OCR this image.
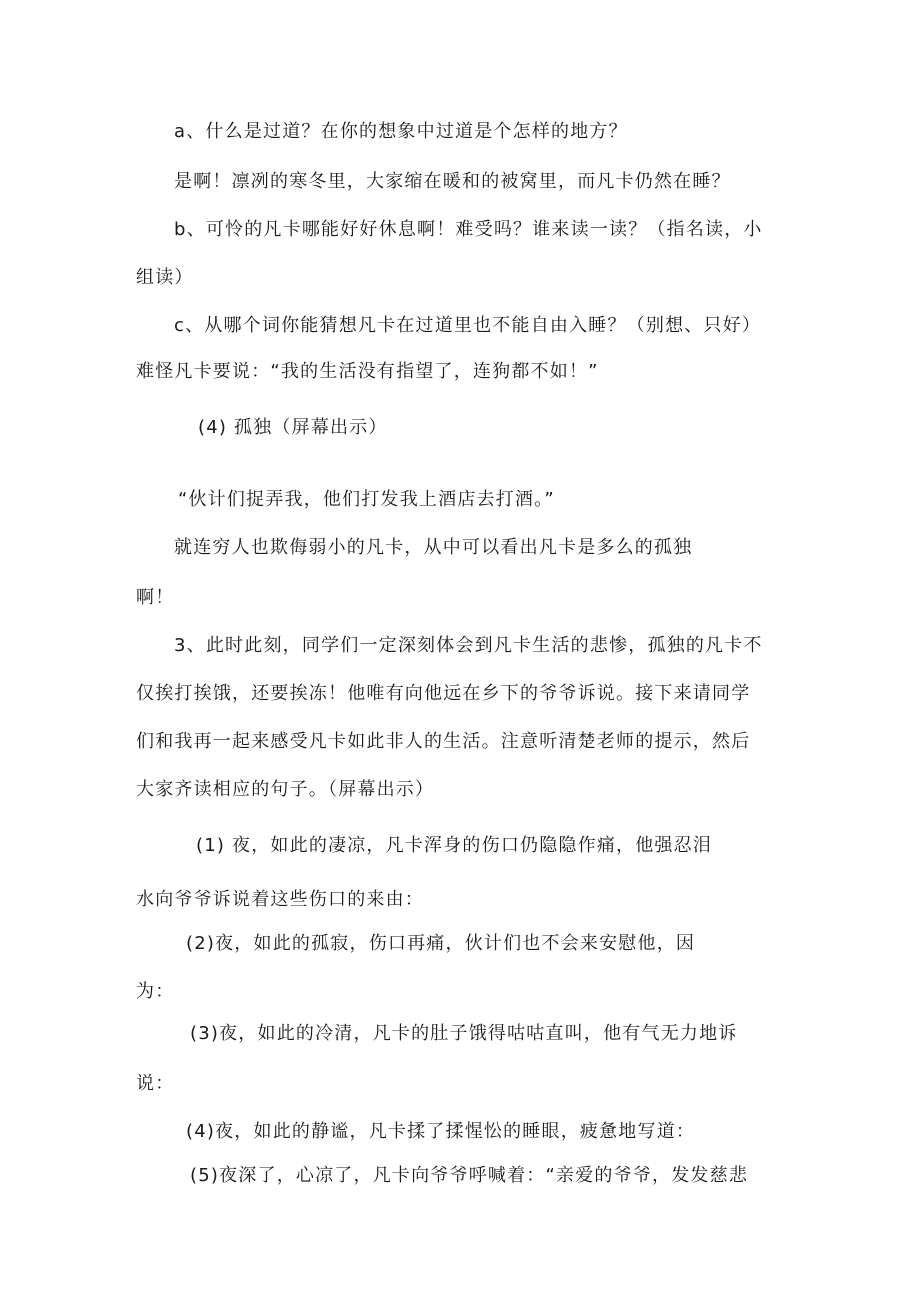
a、什么是过道？在你的想象中过道是个怎样的地方？
是啊！凛冽的寒冬里，大家缩在暖和的被窝里，而凡卡仍然在睡？
b、可怜的凡卡哪能好好休息啊！难受吗？谁来读一读？（指名读，小
组读）
c、从哪个词你能猜想凡卡在过道里也不能自由入睡？（别想、只好）
难怪凡卡要说：“我的生活没有指望了，连狗都不如！”
(4) 孤独（屏幕出示）
“伙计们捉弄我，他们打发我上酒店去打酒。”
就连穷人也欺侮弱小的凡卡，从中可以看出凡卡是多么的孤独
啊！
3、此时此刻，同学们一定深刻体会到凡卡生活的悲惨，孤独的凡卡不
仅挨打挨饿，还要挨冻！他唯有向他远在乡下的爷爷诉说。接下来请同学
们和我再一起来感受凡卡如此非人的生活。注意听清楚老师的提示，然后
大家齐读相应的句子。（屏幕出示）
(1) 夜，如此的凄凉，凡卡浑身的伤口仍隐隐作痛，他强忍泪
水向爷爷诉说着这些伤口的来由：
(2)夜，如此的孤寂，伤口再痛，伙计们也不会来安慰他，因
为：
(3)夜，如此的冷清，凡卡的肚子饿得咕咕直叫，他有气无力地诉
说：
(4)夜，如此的静谧，凡卡揉了揉惺忪的睡眼，疲惫地写道：
(5)夜深了，心凉了，凡卡向爷爷呼喊着：“亲爱的爷爷，发发慈悲
